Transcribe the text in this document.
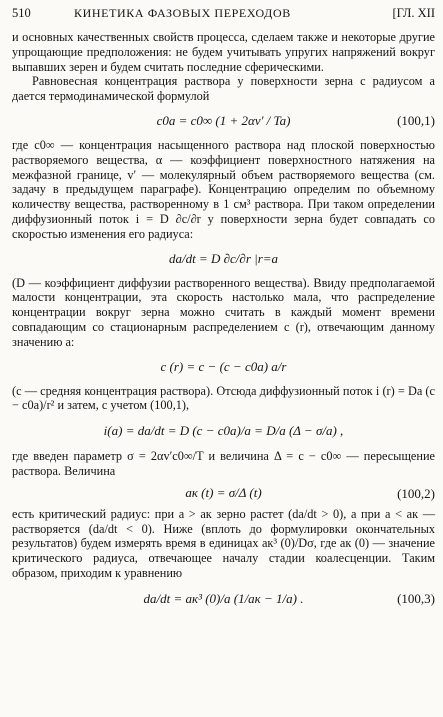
510	КИНЕТИКА ФАЗОВЫХ ПЕРЕХОДОВ	[ГЛ. XII

и основных качественных свойств процесса, сделаем также и некоторые другие упрощающие предположения: не будем учитывать упругих напряжений вокруг выпавших зерен и будем считать последние сферическими.

Равновесная концентрация раствора у поверхности зерна с радиусом a дается термодинамической формулой

c0a = c0∞ (1 + 2αv′ / Ta)	(100,1)

где c0∞ — концентрация насыщенного раствора над плоской поверхностью растворяемого вещества, α — коэффициент поверхностного натяжения на межфазной границе, v′ — молекулярный объем растворяемого вещества (см. задачу в предыдущем параграфе). Концентрацию определим по объемному количеству вещества, растворенному в 1 см³ раствора. При таком определении диффузионный поток i = D ∂c/∂r у поверхности зерна будет совпадать со скоростью изменения его радиуса:

da/dt = D ∂c/∂r |r=a

(D — коэффициент диффузии растворенного вещества). Ввиду предполагаемой малости концентрации, эта скорость настолько мала, что распределение концентрации вокруг зерна можно считать в каждый момент времени совпадающим со стационарным распределением c (r), отвечающим данному значению a:

c (r) = c − (c − c0a) a/r

(c — средняя концентрация раствора). Отсюда диффузионный поток i (r) = Da (c − c0a)/r² и затем, с учетом (100,1),

i(a) = da/dt = D (c − c0a)/a = D/a (Δ − σ/a) ,

где введен параметр σ = 2αv′c0∞/T и величина Δ = c − c0∞ — пересыщение раствора. Величина

aк (t) = σ/Δ (t)	(100,2)

есть критический радиус: при a > aк зерно растет (da/dt > 0), а при a < aк — растворяется (da/dt < 0). Ниже (вплоть до формулировки окончательных результатов) будем измерять время в единицах aк³ (0)/Dσ, где aк (0) — значение критического радиуса, отвечающее началу стадии коалесценции. Таким образом, приходим к уравнению

da/dt = aк³ (0)/a (1/aк − 1/a) .	(100,3)
